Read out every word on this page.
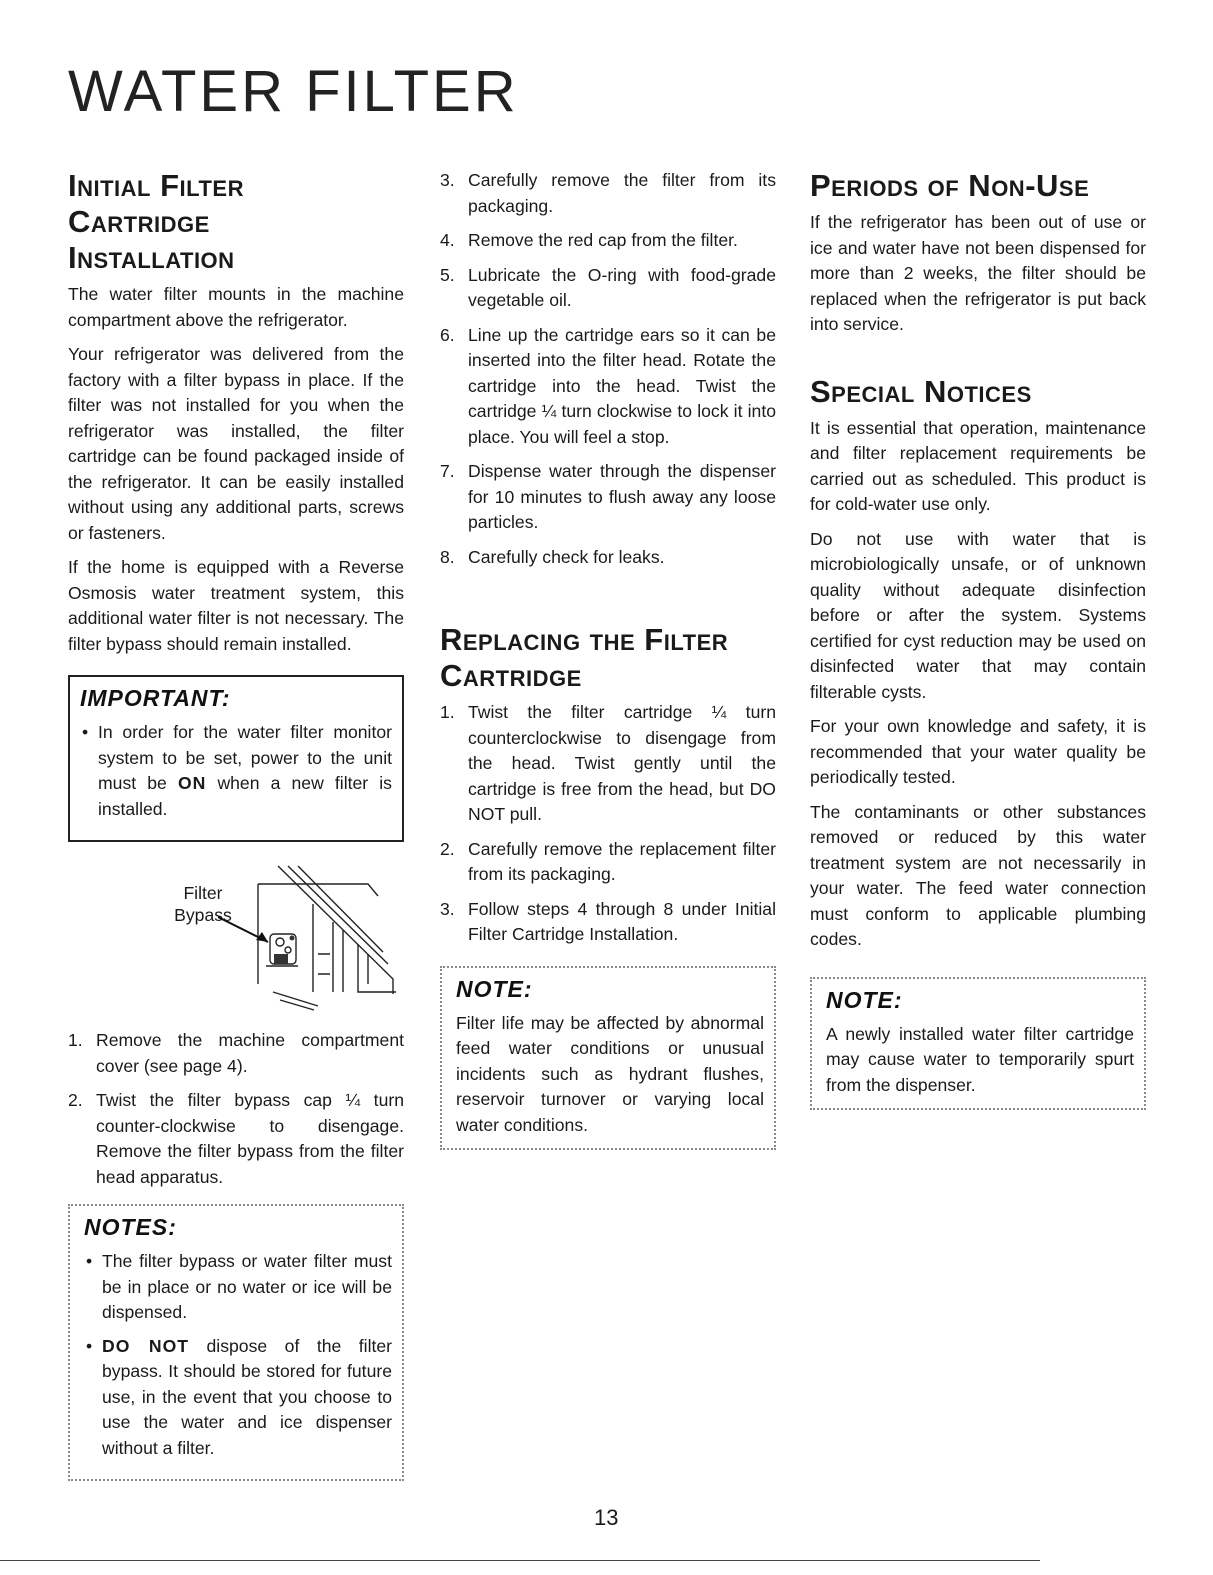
WATER FILTER
Initial Filter
Cartridge
Installation

The water filter mounts in the machine compartment above the refrigerator.

Your refrigerator was delivered from the factory with a filter bypass in place. If the filter was not installed for you when the refrigerator was installed, the filter cartridge can be found packaged inside of the refrigerator. It can be easily installed without using any additional parts, screws or fasteners.

If the home is equipped with a Reverse Osmosis water treatment system, this additional water filter is not necessary. The filter bypass should remain installed.

IMPORTANT:
• In order for the water filter monitor system to be set, power to the unit must be ON when a new filter is installed.
Filter
Bypass
1. Remove the machine compartment cover (see page 4).
2. Twist the filter bypass cap ¼ turn counter-clockwise to disengage. Remove the filter bypass from the filter head apparatus.
NOTES:
• The filter bypass or water filter must be in place or no water or ice will be dispensed.
• DO NOT dispose of the filter bypass. It should be stored for future use, in the event that you choose to use the water and ice dispenser without a filter.
3. Carefully remove the filter from its packaging.
4. Remove the red cap from the filter.
5. Lubricate the O-ring with food-grade vegetable oil.
6. Line up the cartridge ears so it can be inserted into the filter head. Rotate the cartridge into the head. Twist the cartridge ¼ turn clockwise to lock it into place. You will feel a stop.
7. Dispense water through the dispenser for 10 minutes to flush away any loose particles.
8. Carefully check for leaks.
Replacing the Filter
Cartridge
1. Twist the filter cartridge ¼ turn counterclockwise to disengage from the head. Twist gently until the cartridge is free from the head, but DO NOT pull.
2. Carefully remove the replacement filter from its packaging.
3. Follow steps 4 through 8 under Initial Filter Cartridge Installation.
NOTE:

Filter life may be affected by abnormal feed water conditions or unusual incidents such as hydrant flushes, reservoir turnover or varying local water conditions.

Periods of Non-Use

If the refrigerator has been out of use or ice and water have not been dispensed for more than 2 weeks, the filter should be replaced when the refrigerator is put back into service.

Special Notices

It is essential that operation, maintenance and filter replacement requirements be carried out as scheduled. This product is for cold-water use only.

Do not use with water that is microbiologically unsafe, or of unknown quality without adequate disinfection before or after the system. Systems certified for cyst reduction may be used on disinfected water that may contain filterable cysts.

For your own knowledge and safety, it is recommended that your water quality be periodically tested.

The contaminants or other substances removed or reduced by this water treatment system are not necessarily in your water. The feed water connection must conform to applicable plumbing codes.

NOTE:

A newly installed water filter cartridge may cause water to temporarily spurt from the dispenser.

13
